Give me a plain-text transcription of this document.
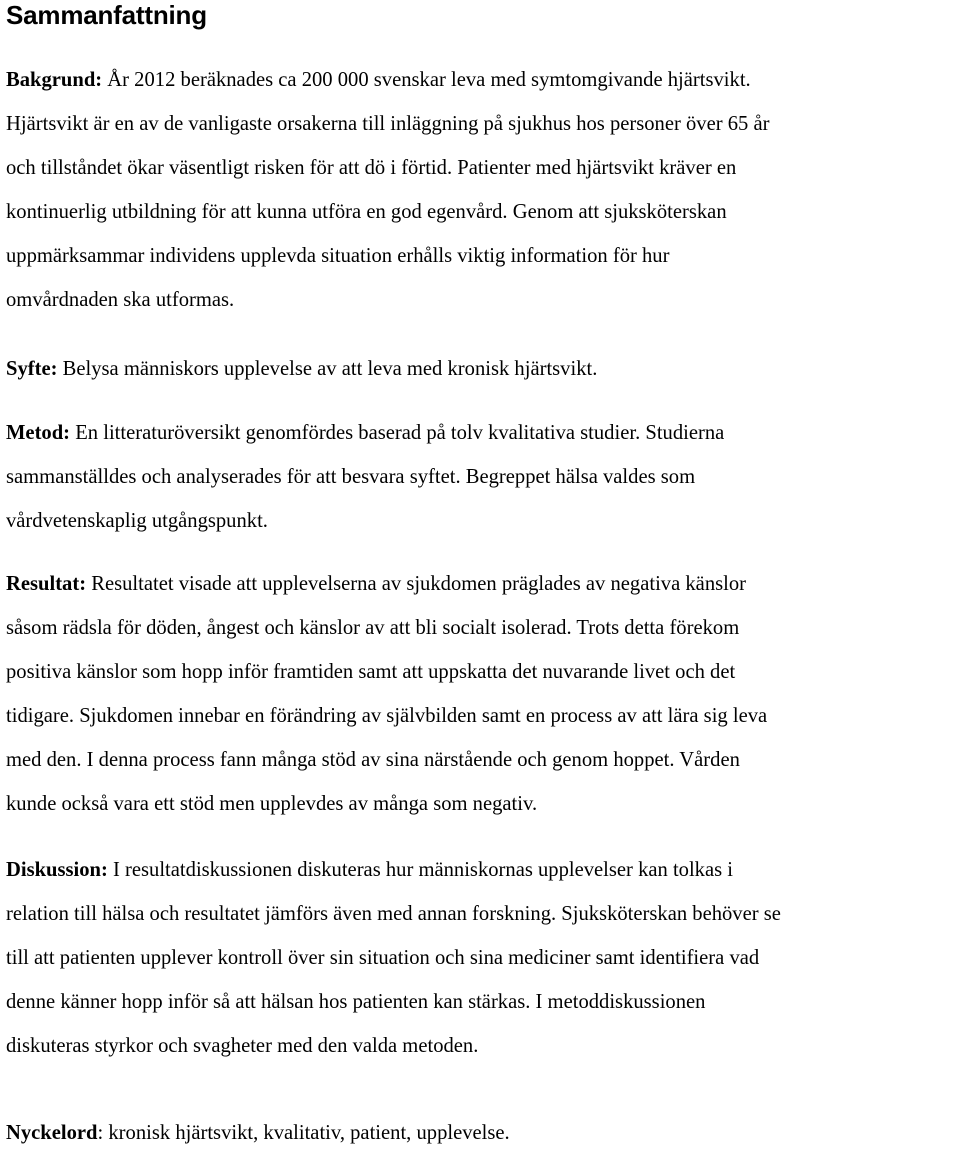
Sammanfattning
Bakgrund: År 2012 beräknades ca 200 000 svenskar leva med symtomgivande hjärtsvikt.
Hjärtsvikt är en av de vanligaste orsakerna till inläggning på sjukhus hos personer över 65 år
och tillståndet ökar väsentligt risken för att dö i förtid. Patienter med hjärtsvikt kräver en
kontinuerlig utbildning för att kunna utföra en god egenvård. Genom att sjuksköterskan
uppmärksammar individens upplevda situation erhålls viktig information för hur
omvårdnaden ska utformas.
Syfte: Belysa människors upplevelse av att leva med kronisk hjärtsvikt.
Metod: En litteraturöversikt genomfördes baserad på tolv kvalitativa studier. Studierna
sammanställdes och analyserades för att besvara syftet. Begreppet hälsa valdes som
vårdvetenskaplig utgångspunkt.
Resultat: Resultatet visade att upplevelserna av sjukdomen präglades av negativa känslor
såsom rädsla för döden, ångest och känslor av att bli socialt isolerad. Trots detta förekom
positiva känslor som hopp inför framtiden samt att uppskatta det nuvarande livet och det
tidigare. Sjukdomen innebar en förändring av självbilden samt en process av att lära sig leva
med den. I denna process fann många stöd av sina närstående och genom hoppet. Vården
kunde också vara ett stöd men upplevdes av många som negativ.
Diskussion: I resultatdiskussionen diskuteras hur människornas upplevelser kan tolkas i
relation till hälsa och resultatet jämförs även med annan forskning. Sjuksköterskan behöver se
till att patienten upplever kontroll över sin situation och sina mediciner samt identifiera vad
denne känner hopp inför så att hälsan hos patienten kan stärkas. I metoddiskussionen
diskuteras styrkor och svagheter med den valda metoden.
Nyckelord: kronisk hjärtsvikt, kvalitativ, patient, upplevelse.
